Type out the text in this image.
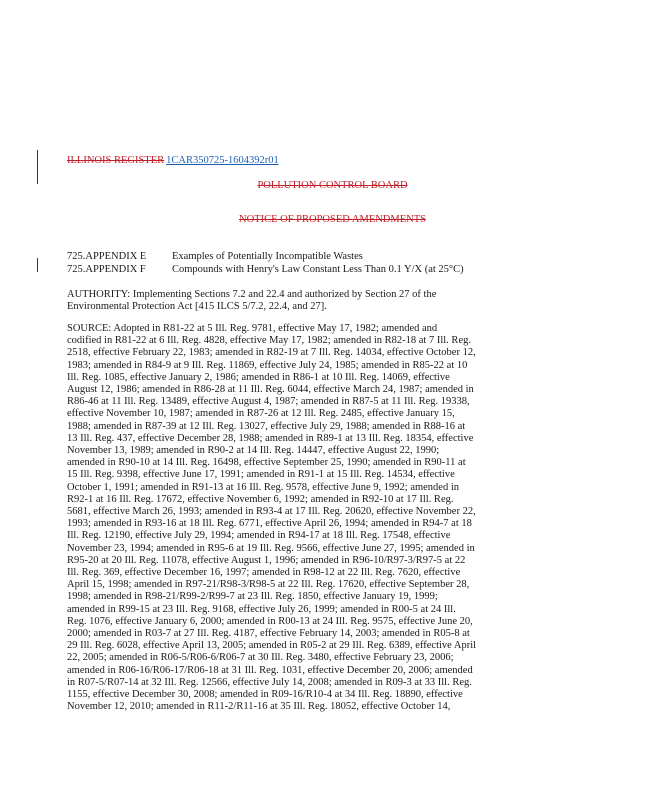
ILLINOIS REGISTER 1CAR350725-1604392r01
POLLUTION CONTROL BOARD
NOTICE OF PROPOSED AMENDMENTS
725.APPENDIX E Examples of Potentially Incompatible Wastes
725.APPENDIX F Compounds with Henry's Law Constant Less Than 0.1 Y/X (at 25°C)
AUTHORITY: Implementing Sections 7.2 and 22.4 and authorized by Section 27 of the
Environmental Protection Act [415 ILCS 5/7.2, 22.4, and 27].
SOURCE: Adopted in R81-22 at 5 Ill. Reg. 9781, effective May 17, 1982; amended and
codified in R81-22 at 6 Ill. Reg. 4828, effective May 17, 1982; amended in R82-18 at 7 Ill. Reg.
2518, effective February 22, 1983; amended in R82-19 at 7 Ill. Reg. 14034, effective October 12,
1983; amended in R84-9 at 9 Ill. Reg. 11869, effective July 24, 1985; amended in R85-22 at 10
Ill. Reg. 1085, effective January 2, 1986; amended in R86-1 at 10 Ill. Reg. 14069, effective
August 12, 1986; amended in R86-28 at 11 Ill. Reg. 6044, effective March 24, 1987; amended in
R86-46 at 11 Ill. Reg. 13489, effective August 4, 1987; amended in R87-5 at 11 Ill. Reg. 19338,
effective November 10, 1987; amended in R87-26 at 12 Ill. Reg. 2485, effective January 15,
1988; amended in R87-39 at 12 Ill. Reg. 13027, effective July 29, 1988; amended in R88-16 at
13 Ill. Reg. 437, effective December 28, 1988; amended in R89-1 at 13 Ill. Reg. 18354, effective
November 13, 1989; amended in R90-2 at 14 Ill. Reg. 14447, effective August 22, 1990;
amended in R90-10 at 14 Ill. Reg. 16498, effective September 25, 1990; amended in R90-11 at
15 Ill. Reg. 9398, effective June 17, 1991; amended in R91-1 at 15 Ill. Reg. 14534, effective
October 1, 1991; amended in R91-13 at 16 Ill. Reg. 9578, effective June 9, 1992; amended in
R92-1 at 16 Ill. Reg. 17672, effective November 6, 1992; amended in R92-10 at 17 Ill. Reg.
5681, effective March 26, 1993; amended in R93-4 at 17 Ill. Reg. 20620, effective November 22,
1993; amended in R93-16 at 18 Ill. Reg. 6771, effective April 26, 1994; amended in R94-7 at 18
Ill. Reg. 12190, effective July 29, 1994; amended in R94-17 at 18 Ill. Reg. 17548, effective
November 23, 1994; amended in R95-6 at 19 Ill. Reg. 9566, effective June 27, 1995; amended in
R95-20 at 20 Ill. Reg. 11078, effective August 1, 1996; amended in R96-10/R97-3/R97-5 at 22
Ill. Reg. 369, effective December 16, 1997; amended in R98-12 at 22 Ill. Reg. 7620, effective
April 15, 1998; amended in R97-21/R98-3/R98-5 at 22 Ill. Reg. 17620, effective September 28,
1998; amended in R98-21/R99-2/R99-7 at 23 Ill. Reg. 1850, effective January 19, 1999;
amended in R99-15 at 23 Ill. Reg. 9168, effective July 26, 1999; amended in R00-5 at 24 Ill.
Reg. 1076, effective January 6, 2000; amended in R00-13 at 24 Ill. Reg. 9575, effective June 20,
2000; amended in R03-7 at 27 Ill. Reg. 4187, effective February 14, 2003; amended in R05-8 at
29 Ill. Reg. 6028, effective April 13, 2005; amended in R05-2 at 29 Ill. Reg. 6389, effective April
22, 2005; amended in R06-5/R06-6/R06-7 at 30 Ill. Reg. 3480, effective February 23, 2006;
amended in R06-16/R06-17/R06-18 at 31 Ill. Reg. 1031, effective December 20, 2006; amended
in R07-5/R07-14 at 32 Ill. Reg. 12566, effective July 14, 2008; amended in R09-3 at 33 Ill. Reg.
1155, effective December 30, 2008; amended in R09-16/R10-4 at 34 Ill. Reg. 18890, effective
November 12, 2010; amended in R11-2/R11-16 at 35 Ill. Reg. 18052, effective October 14,
